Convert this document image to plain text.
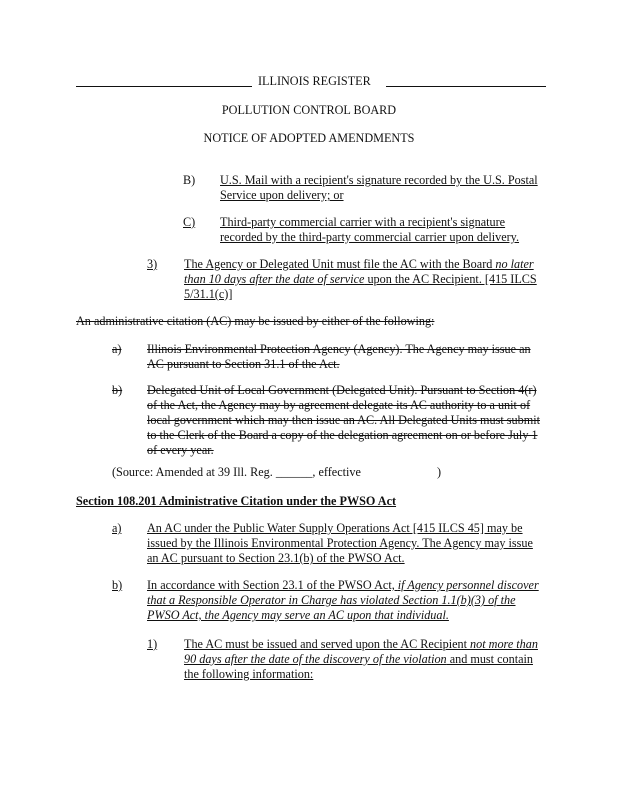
ILLINOIS REGISTER
POLLUTION CONTROL BOARD
NOTICE OF ADOPTED AMENDMENTS
B) U.S. Mail with a recipient's signature recorded by the U.S. Postal
Service upon delivery; or
C) Third-party commercial carrier with a recipient's signature
recorded by the third-party commercial carrier upon delivery.
3) The Agency or Delegated Unit must file the AC with the Board no later
than 10 days after the date of service upon the AC Recipient. [415 ILCS
5/31.1(c)]
An administrative citation (AC) may be issued by either of the following:
a) Illinois Environmental Protection Agency (Agency). The Agency may issue an
AC pursuant to Section 31.1 of the Act.
b) Delegated Unit of Local Government (Delegated Unit). Pursuant to Section 4(r)
of the Act, the Agency may by agreement delegate its AC authority to a unit of
local government which may then issue an AC. All Delegated Units must submit
to the Clerk of the Board a copy of the delegation agreement on or before July 1
of every year.
(Source: Amended at 39 Ill. Reg. ______, effective	)
Section 108.201 Administrative Citation under the PWSO Act
a) An AC under the Public Water Supply Operations Act [415 ILCS 45] may be
issued by the Illinois Environmental Protection Agency. The Agency may issue
an AC pursuant to Section 23.1(b) of the PWSO Act.
b) In accordance with Section 23.1 of the PWSO Act, if Agency personnel discover
that a Responsible Operator in Charge has violated Section 1.1(b)(3) of the
PWSO Act, the Agency may serve an AC upon that individual.
1) The AC must be issued and served upon the AC Recipient not more than
90 days after the date of the discovery of the violation and must contain
the following information:
